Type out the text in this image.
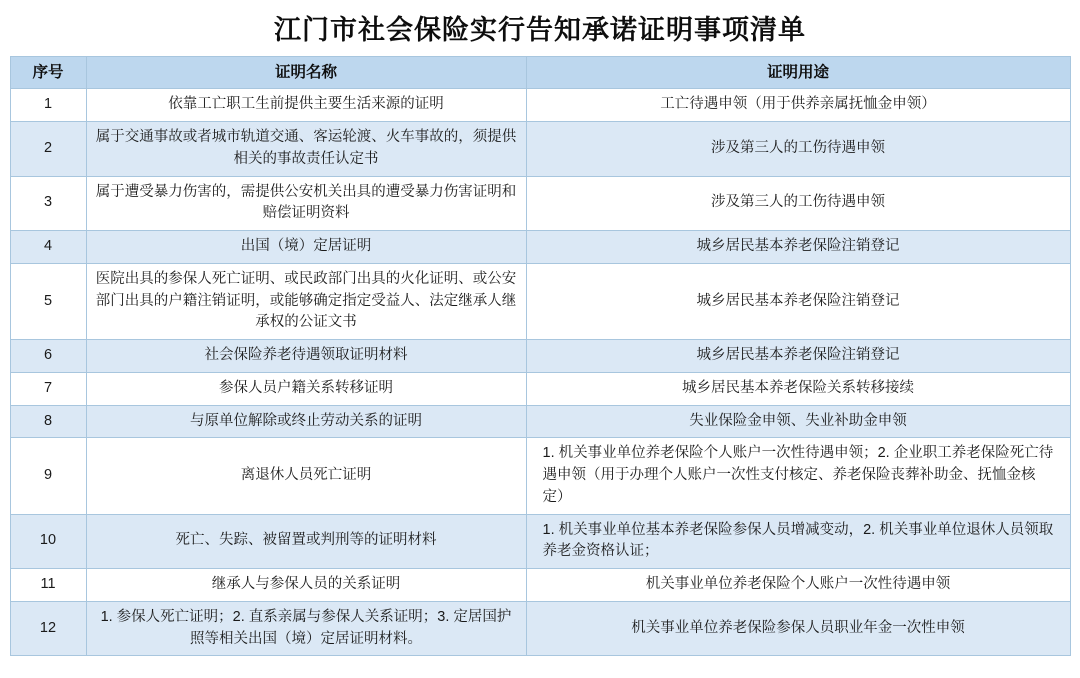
江门市社会保险实行告知承诺证明事项清单
序号	证明名称	证明用途
1	依靠工亡职工生前提供主要生活来源的证明	工亡待遇申领（用于供养亲属抚恤金申领）
2	属于交通事故或者城市轨道交通、客运轮渡、火车事故的，须提供相关的事故责任认定书	涉及第三人的工伤待遇申领
3	属于遭受暴力伤害的，需提供公安机关出具的遭受暴力伤害证明和赔偿证明资料	涉及第三人的工伤待遇申领
4	出国（境）定居证明	城乡居民基本养老保险注销登记
5	医院出具的参保人死亡证明、或民政部门出具的火化证明、或公安部门出具的户籍注销证明，或能够确定指定受益人、法定继承人继承权的公证文书	城乡居民基本养老保险注销登记
6	社会保险养老待遇领取证明材料	城乡居民基本养老保险注销登记
7	参保人员户籍关系转移证明	城乡居民基本养老保险关系转移接续
8	与原单位解除或终止劳动关系的证明	失业保险金申领、失业补助金申领
9	离退休人员死亡证明	1. 机关事业单位养老保险个人账户一次性待遇申领；2. 企业职工养老保险死亡待遇申领（用于办理个人账户一次性支付核定、养老保险丧葬补助金、抚恤金核定）
10	死亡、失踪、被留置或判刑等的证明材料	1. 机关事业单位基本养老保险参保人员增减变动，2. 机关事业单位退休人员领取养老金资格认证；
11	继承人与参保人员的关系证明	机关事业单位养老保险个人账户一次性待遇申领
12	1. 参保人死亡证明；2. 直系亲属与参保人关系证明；3. 定居国护照等相关出国（境）定居证明材料。	机关事业单位养老保险参保人员职业年金一次性申领
